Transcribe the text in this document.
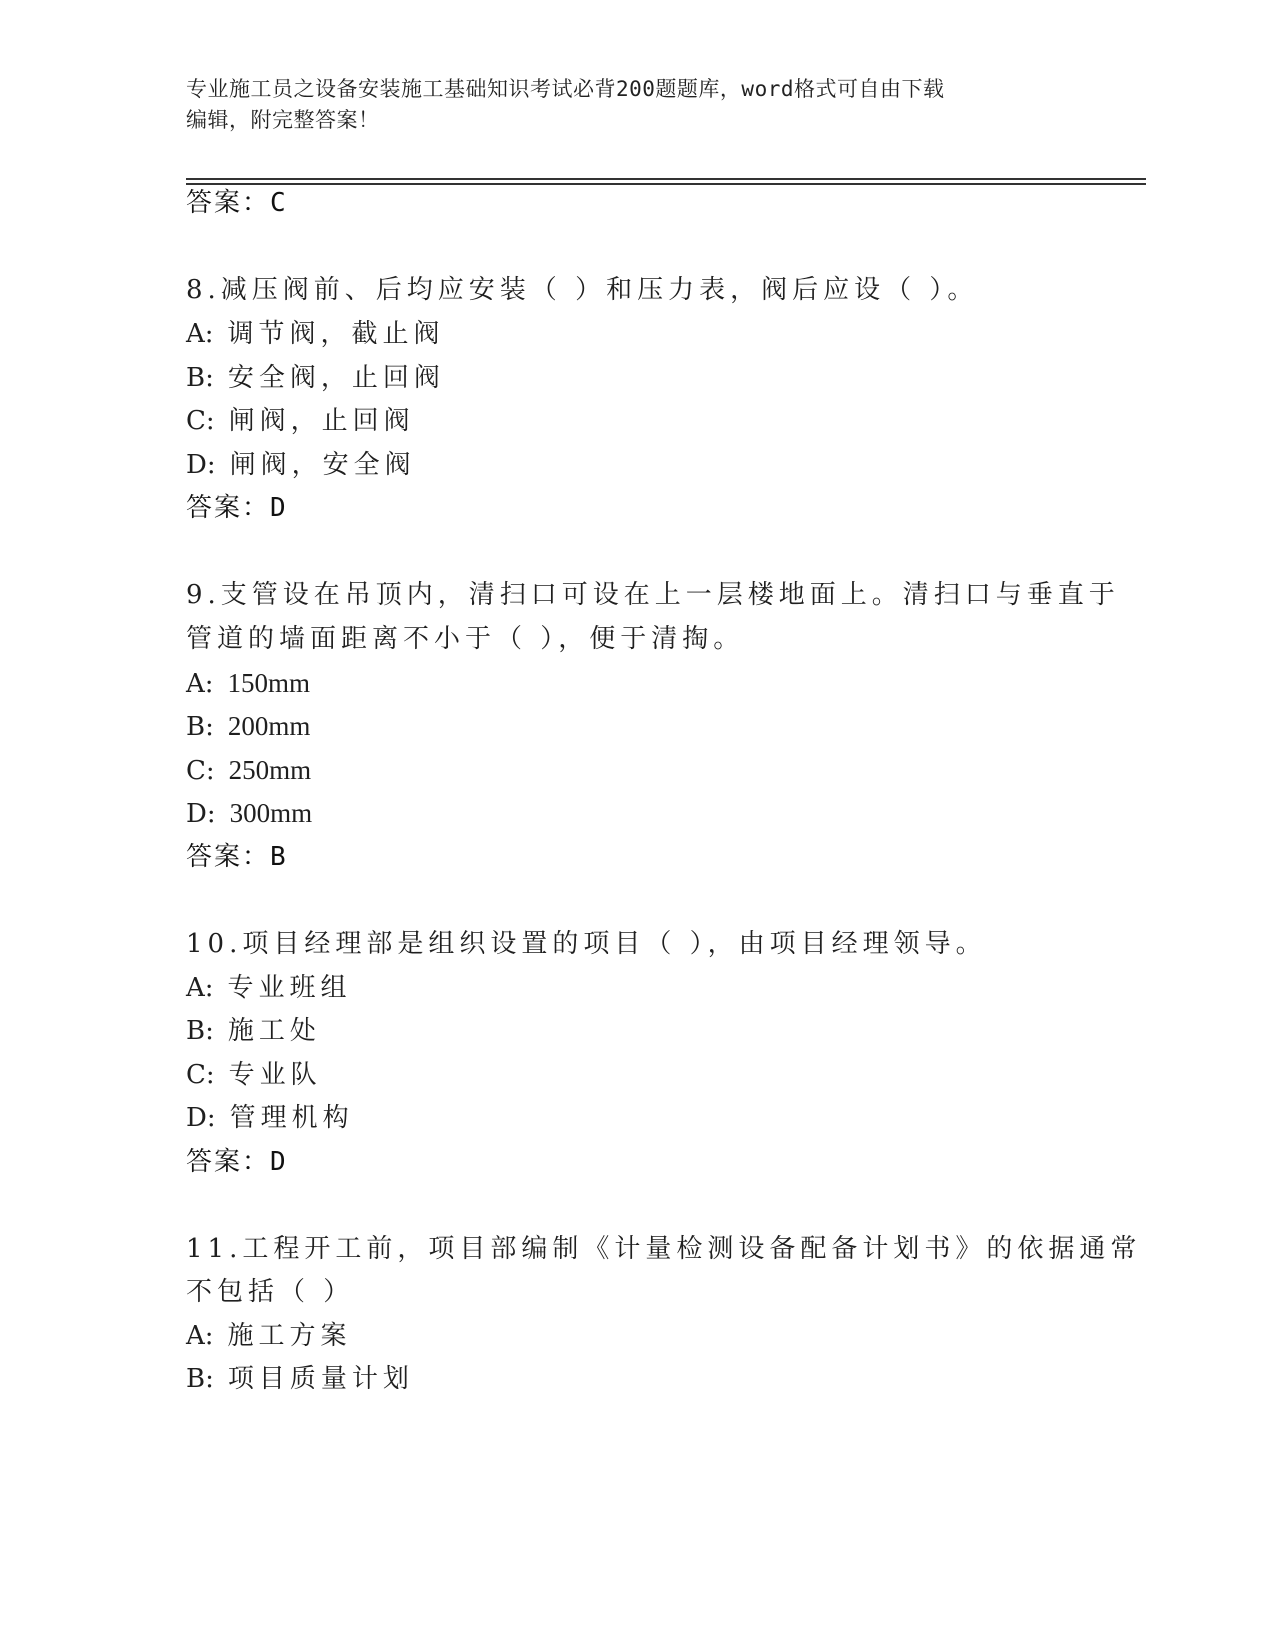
专业施工员之设备安装施工基础知识考试必背200题题库，word格式可自由下载
编辑，附完整答案！
答案：C
8.减压阀前、后均应安装（ ）和压力表，阀后应设（ ）。
A: 调节阀，截止阀
B: 安全阀，止回阀
C: 闸阀，止回阀
D: 闸阀，安全阀
答案：D
9.支管设在吊顶内，清扫口可设在上一层楼地面上。清扫口与垂直于
管道的墙面距离不小于（ ），便于清掏。
A: 150mm
B: 200mm
C: 250mm
D: 300mm
答案：B
10.项目经理部是组织设置的项目（ ），由项目经理领导。
A: 专业班组
B: 施工处
C: 专业队
D: 管理机构
答案：D
11.工程开工前，项目部编制《计量检测设备配备计划书》的依据通常
不包括（ ）
A: 施工方案
B: 项目质量计划
